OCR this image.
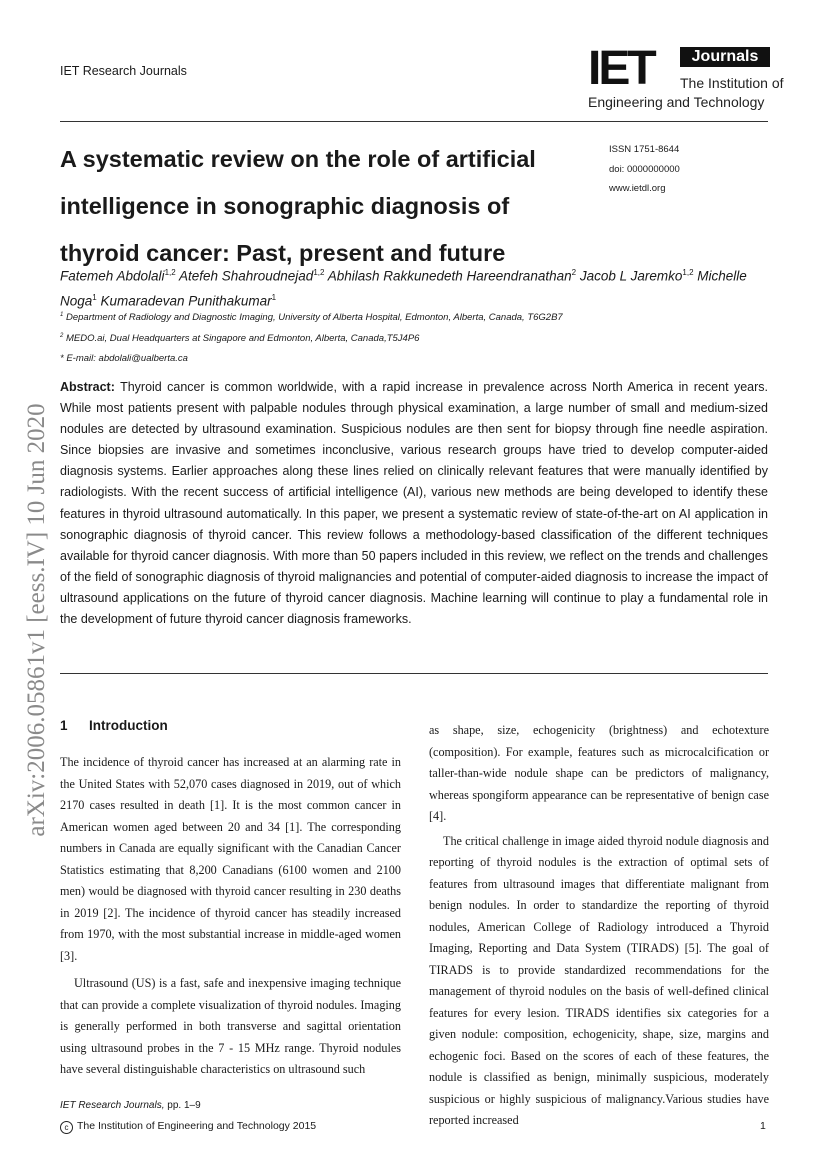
IET Research Journals	IET	Journals
The Institution of
Engineering and Technology
A systematic review on the role of artificial
intelligence in sonographic diagnosis of
thyroid cancer: Past, present and future
ISSN 1751-8644
doi: 0000000000
www.ietdl.org
Fatemeh Abdolali$^{1,2}$ Atefeh Shahroudnejad$^{1,2}$ Abhilash Rakkunedeth Hareendranathan$^2$ Jacob L Jaremko$^{1,2}$ Michelle Noga$^1$ Kumaradevan Punithakumar$^1$
$^1$ Department of Radiology and Diagnostic Imaging, University of Alberta Hospital, Edmonton, Alberta, Canada, T6G2B7
$^2$ MEDO.ai, Dual Headquarters at Singapore and Edmonton, Alberta, Canada,T5J4P6
* E-mail: abdolali@ualberta.ca
Abstract: Thyroid cancer is common worldwide, with a rapid increase in prevalence across North America in recent years. While most patients present with palpable nodules through physical examination, a large number of small and medium-sized nodules are detected by ultrasound examination. Suspicious nodules are then sent for biopsy through fine needle aspiration. Since biopsies are invasive and sometimes inconclusive, various research groups have tried to develop computer-aided diagnosis systems. Earlier approaches along these lines relied on clinically relevant features that were manually identified by radiologists. With the recent success of artificial intelligence (AI), various new methods are being developed to identify these features in thyroid ultrasound automatically. In this paper, we present a systematic review of state-of-the-art on AI application in sonographic diagnosis of thyroid cancer. This review follows a methodology-based classification of the different techniques available for thyroid cancer diagnosis. With more than 50 papers included in this review, we reflect on the trends and challenges of the field of sonographic diagnosis of thyroid malignancies and potential of computer-aided diagnosis to increase the impact of ultrasound applications on the future of thyroid cancer diagnosis. Machine learning will continue to play a fundamental role in the development of future thyroid cancer diagnosis frameworks.
arXiv:2006.05861v1 [eess.IV] 10 Jun 2020 1 Introduction

The incidence of thyroid cancer has increased at an alarming rate in the United States with 52,070 cases diagnosed in 2019, out of which 2170 cases resulted in death [1]. It is the most common cancer in American women aged between 20 and 34 [1]. The corresponding numbers in Canada are equally significant with the Canadian Cancer Statistics estimating that 8,200 Canadians (6100 women and 2100 men) would be diagnosed with thyroid cancer resulting in 230 deaths in 2019 [2]. The incidence of thyroid cancer has steadily increased from 1970, with the most substantial increase in middle-aged women [3].

Ultrasound (US) is a fast, safe and inexpensive imaging technique that can provide a complete visualization of thyroid nodules. Imaging is generally performed in both transverse and sagittal orientation using ultrasound probes in the 7 - 15 MHz range. Thyroid nodules have several distinguishable characteristics on ultrasound such

as shape, size, echogenicity (brightness) and echotexture (composition). For example, features such as microcalcification or taller-than-wide nodule shape can be predictors of malignancy, whereas spongiform appearance can be representative of benign case [4].

The critical challenge in image aided thyroid nodule diagnosis and reporting of thyroid nodules is the extraction of optimal sets of features from ultrasound images that differentiate malignant from benign nodules. In order to standardize the reporting of thyroid nodules, American College of Radiology introduced a Thyroid Imaging, Reporting and Data System (TIRADS) [5]. The goal of TIRADS is to provide standardized recommendations for the management of thyroid nodules on the basis of well-defined clinical features for every lesion. TIRADS identifies six categories for a given nodule: composition, echogenicity, shape, size, margins and echogenic foci. Based on the scores of each of these features, the nodule is classified as benign, minimally suspicious, moderately suspicious or highly suspicious of malignancy.Various studies have reported increased

IET Research Journals, pp. 1–9
c The Institution of Engineering and Technology 2015	1
